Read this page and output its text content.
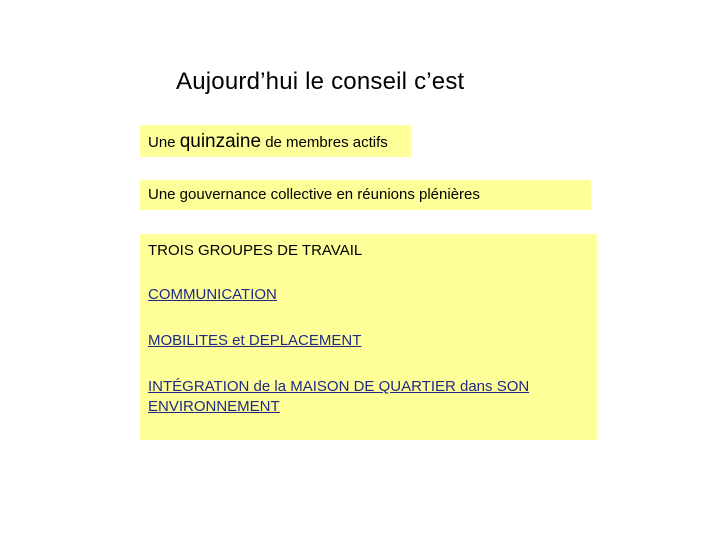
Aujourd’hui le conseil c’est
Une quinzaine de membres actifs
Une gouvernance collective en réunions plénières
TROIS GROUPES DE TRAVAIL
COMMUNICATION
MOBILITES et DEPLACEMENT
INTÉGRATION de la MAISON DE QUARTIER dans SON ENVIRONNEMENT
